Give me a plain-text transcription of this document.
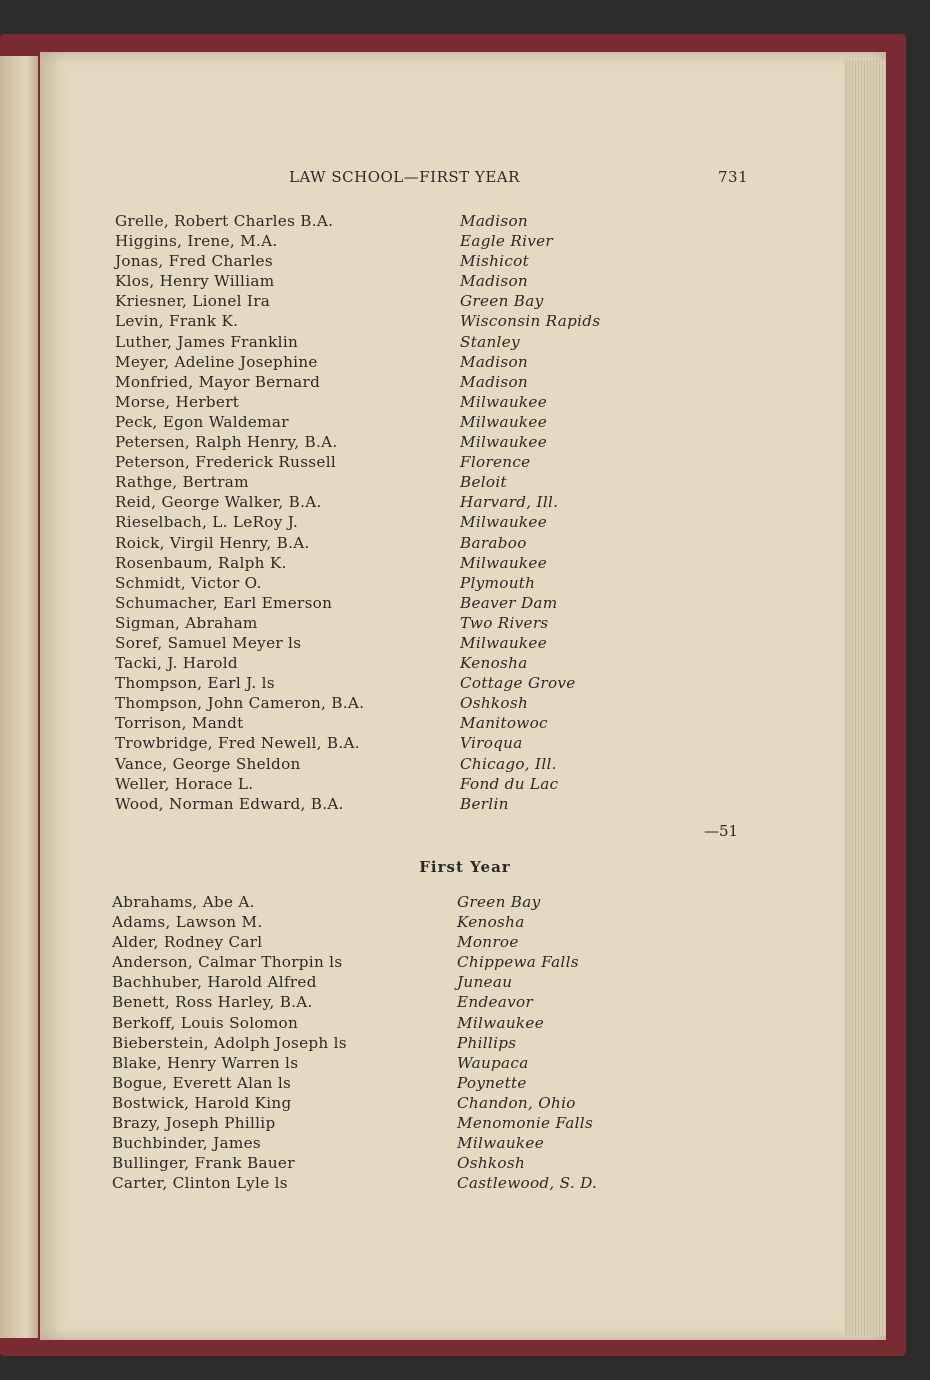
LAW SCHOOL—FIRST YEAR	731
Grelle, Robert Charles B.A.	Madison
Higgins, Irene, M.A.	Eagle River
Jonas, Fred Charles	Mishicot
Klos, Henry William	Madison
Kriesner, Lionel Ira	Green Bay
Levin, Frank K.	Wisconsin Rapids
Luther, James Franklin	Stanley
Meyer, Adeline Josephine	Madison
Monfried, Mayor Bernard	Madison
Morse, Herbert	Milwaukee
Peck, Egon Waldemar	Milwaukee
Petersen, Ralph Henry, B.A.	Milwaukee
Peterson, Frederick Russell	Florence
Rathge, Bertram	Beloit
Reid, George Walker, B.A.	Harvard, Ill.
Rieselbach, L. LeRoy J.	Milwaukee
Roick, Virgil Henry, B.A.	Baraboo
Rosenbaum, Ralph K.	Milwaukee
Schmidt, Victor O.	Plymouth
Schumacher, Earl Emerson	Beaver Dam
Sigman, Abraham	Two Rivers
Soref, Samuel Meyer ls	Milwaukee
Tacki, J. Harold	Kenosha
Thompson, Earl J. ls	Cottage Grove
Thompson, John Cameron, B.A.	Oshkosh
Torrison, Mandt	Manitowoc
Trowbridge, Fred Newell, B.A.	Viroqua
Vance, George Sheldon	Chicago, Ill.
Weller, Horace L.	Fond du Lac
Wood, Norman Edward, B.A.	Berlin
—51
First Year
Abrahams, Abe A.	Green Bay
Adams, Lawson M.	Kenosha
Alder, Rodney Carl	Monroe
Anderson, Calmar Thorpin ls	Chippewa Falls
Bachhuber, Harold Alfred	Juneau
Benett, Ross Harley, B.A.	Endeavor
Berkoff, Louis Solomon	Milwaukee
Bieberstein, Adolph Joseph ls	Phillips
Blake, Henry Warren ls	Waupaca
Bogue, Everett Alan ls	Poynette
Bostwick, Harold King	Chandon, Ohio
Brazy, Joseph Phillip	Menomonie Falls
Buchbinder, James	Milwaukee
Bullinger, Frank Bauer	Oshkosh
Carter, Clinton Lyle ls	Castlewood, S. D.
